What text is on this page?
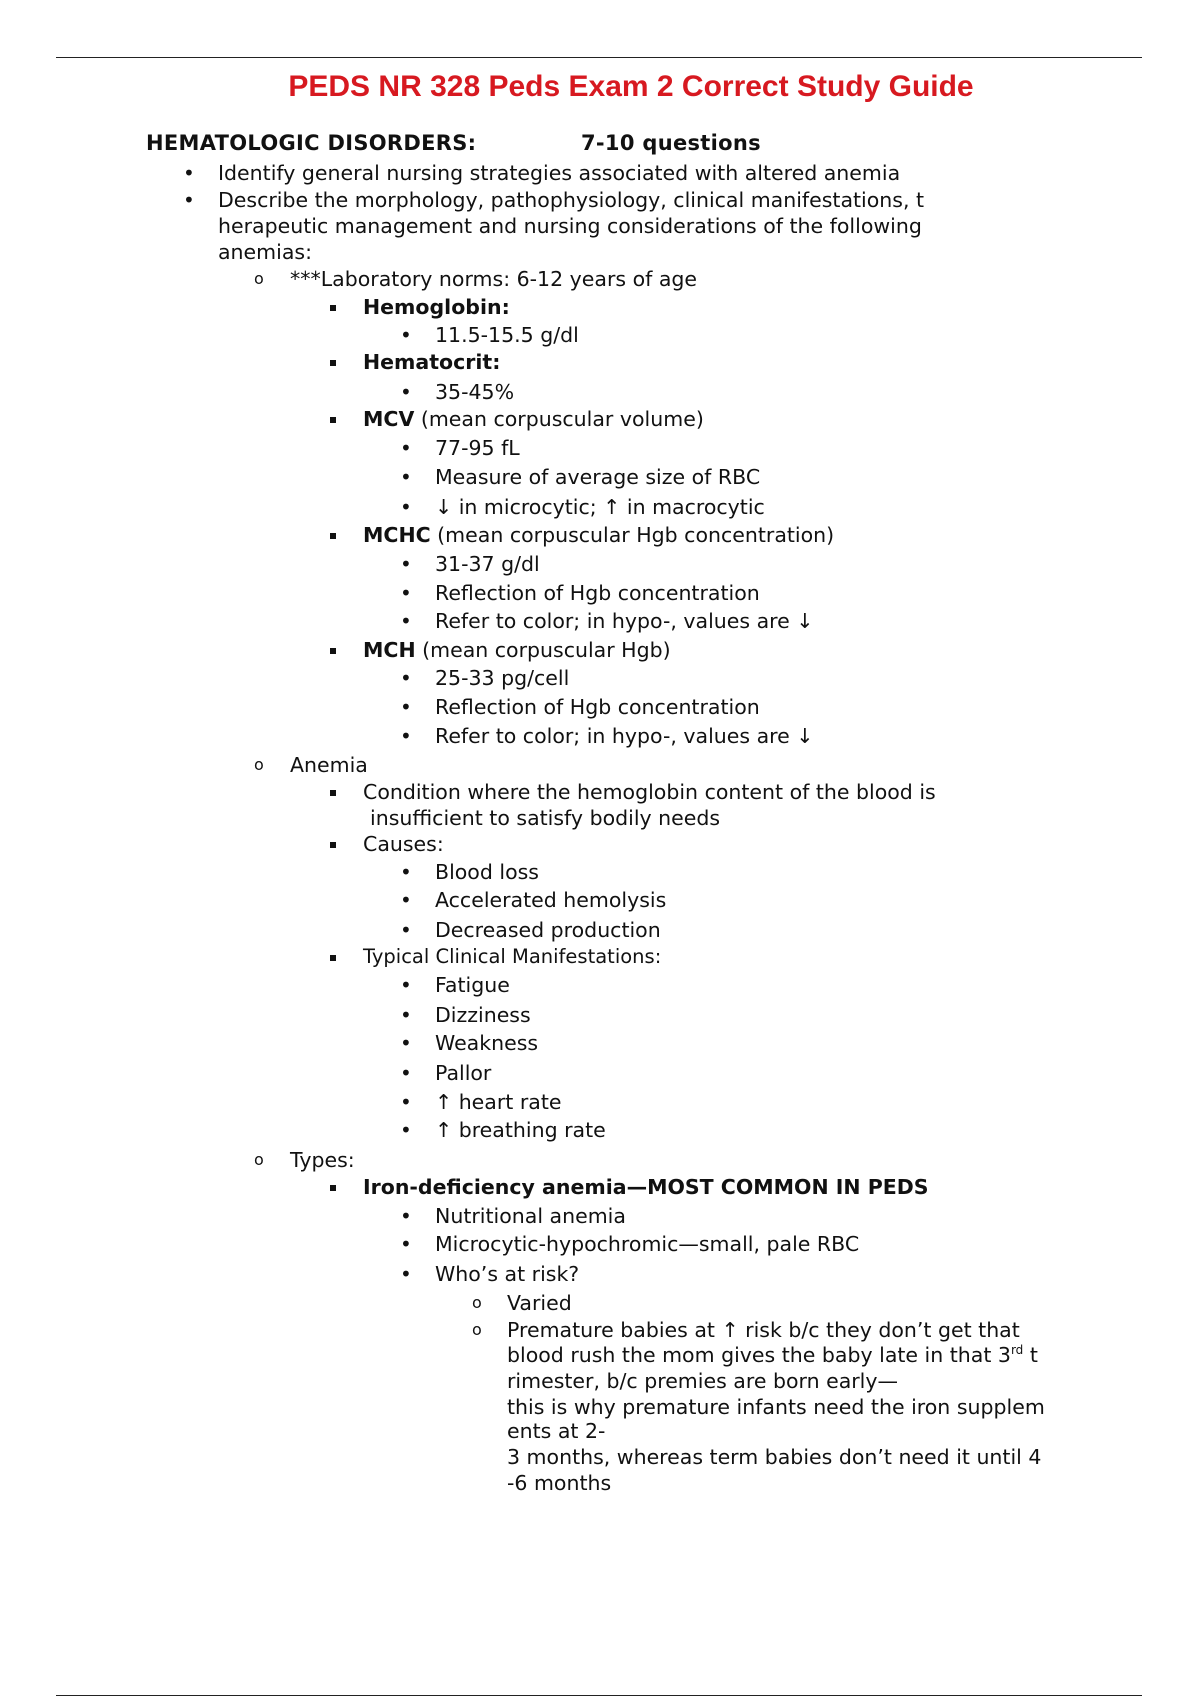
PEDS NR 328 Peds Exam 2 Correct Study Guide
HEMATOLOGIC DISORDERS:	7-10 questions
• Identify general nursing strategies associated with altered anemia
• Describe the morphology, pathophysiology, clinical manifestations, t
herapeutic management and nursing considerations of the following
anemias:
o ***Laboratory norms: 6-12 years of age
Hemoglobin:
• 11.5-15.5 g/dl
Hematocrit:
• 35-45%
MCV (mean corpuscular volume)
• 77-95 fL
• Measure of average size of RBC
• ↓ in microcytic; ↑ in macrocytic
MCHC (mean corpuscular Hgb concentration)
• 31-37 g/dl
• Reflection of Hgb concentration
• Refer to color; in hypo-, values are ↓
MCH (mean corpuscular Hgb)
• 25-33 pg/cell
• Reflection of Hgb concentration
• Refer to color; in hypo-, values are ↓
o Anemia
Condition where the hemoglobin content of the blood is
insufficient to satisfy bodily needs
Causes:
• Blood loss
• Accelerated hemolysis
• Decreased production
Typical Clinical Manifestations:
• Fatigue
• Dizziness
• Weakness
• Pallor
• ↑ heart rate
• ↑ breathing rate
o Types:
Iron-deficiency anemia—MOST COMMON IN PEDS
• Nutritional anemia
• Microcytic-hypochromic—small, pale RBC
• Who’s at risk?
o Varied
o Premature babies at ↑ risk b/c they don’t get that
blood rush the mom gives the baby late in that 3rd t
rimester, b/c premies are born early—
this is why premature infants need the iron supplem
ents at 2-
3 months, whereas term babies don’t need it until 4
-6 months
